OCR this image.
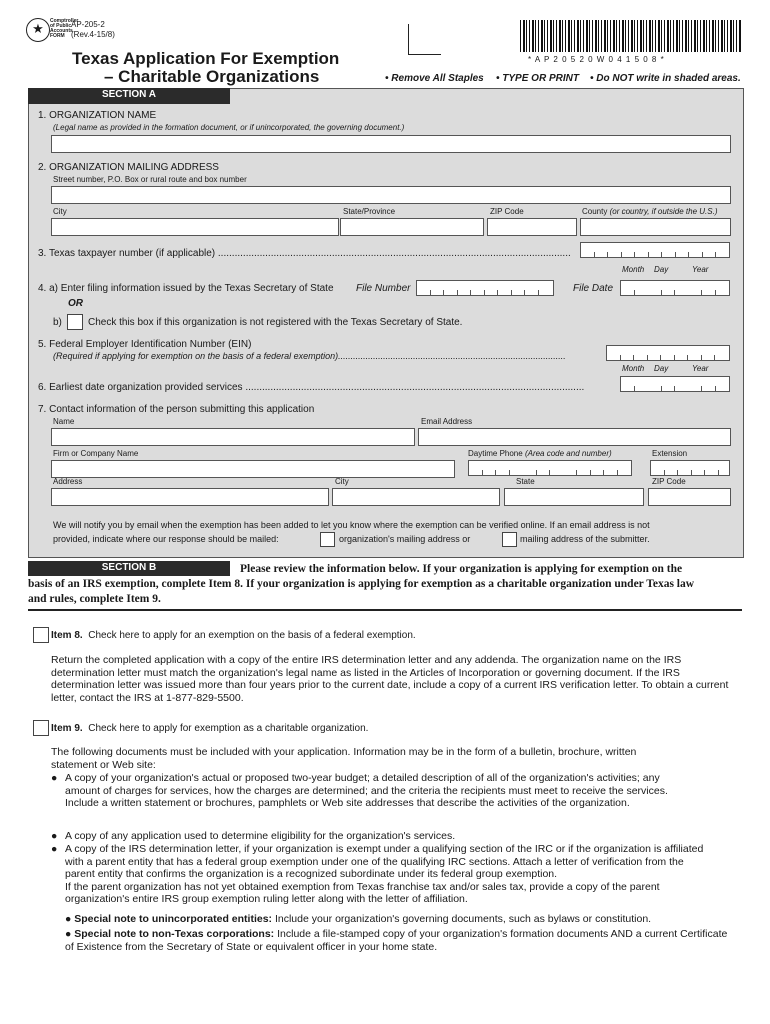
★	Comptroller
of Public
Accounts
FORM
AP-205-2
(Rev.4-15/8)
Texas Application For Exemption
– Charitable Organizations
* A P 2 0 5 2 0 W 0 4 1 5 0 8 *
• Remove All Staples • TYPE OR PRINT • Do NOT write in shaded areas.
SECTION A
1. ORGANIZATION NAME
(Legal name as provided in the formation document, or if unincorporated, the governing document.)
2. ORGANIZATION MAILING ADDRESS
Street number, P.O. Box or rural route and box number
City	State/Province	ZIP Code	County (or country, if outside the U.S.)
3. Texas taxpayer number (if applicable) ...............................................................................................................................
Month Day	Year
4. a) Enter filing information issued by the Texas Secretary of State File Number	File Date
OR
b)	Check this box if this organization is not registered with the Texas Secretary of State.
5. Federal Employer Identification Number (EIN)
(Required if applying for exemption on the basis of a federal exemption)...........................................................................................
Month Day	Year
6. Earliest date organization provided services ..........................................................................................................................
7. Contact information of the person submitting this application
Name	Email Address
Firm or Company Name	Daytime Phone (Area code and number)	Extension
Address	City	State	ZIP Code
We will notify you by email when the exemption has been added to let you know where the exemption can be verified online. If an email address is not
provided, indicate where our response should be mailed:	organization's mailing address or	mailing address of the submitter.
SECTION B	Please review the information below. If your organization is applying for exemption on the
basis of an IRS exemption, complete Item 8. If your organization is applying for exemption as a charitable organization under Texas law
and rules, complete Item 9.
Item 8. Check here to apply for an exemption on the basis of a federal exemption.
Return the completed application with a copy of the entire IRS determination letter and any addenda. The organization name on the IRS determination letter must match the organization's legal name as listed in the Articles of Incorporation or governing document. If the IRS determination letter was issued more than four years prior to the current date, include a copy of a current IRS verification letter. To obtain a current letter, contact the IRS at 1-877-829-5500.
Item 9. Check here to apply for exemption as a charitable organization.
The following documents must be included with your application. Information may be in the form of a bulletin, brochure, written statement or Web site:
● A copy of your organization's actual or proposed two-year budget; a detailed description of all of the organization's activities; any amount of charges for services, how the charges are determined; and the criteria the recipients must meet to receive the services. Include a written statement or brochures, pamphlets or Web site addresses that describe the activities of the organization.
● A copy of any application used to determine eligibility for the organization's services.
● A copy of the IRS determination letter, if your organization is exempt under a qualifying section of the IRC or if the organization is affiliated with a parent entity that has a federal group exemption under one of the qualifying IRC sections. Attach a letter of verification from the parent entity that confirms the organization is a recognized subordinate under its federal group exemption.
If the parent organization has not yet obtained exemption from Texas franchise tax and/or sales tax, provide a copy of the parent organization's entire IRS group exemption ruling letter along with the letter of affiliation.
● Special note to unincorporated entities: Include your organization's governing documents, such as bylaws or constitution.
● Special note to non-Texas corporations: Include a file-stamped copy of your organization's formation documents AND a current Certificate of Existence from the Secretary of State or equivalent officer in your home state.
